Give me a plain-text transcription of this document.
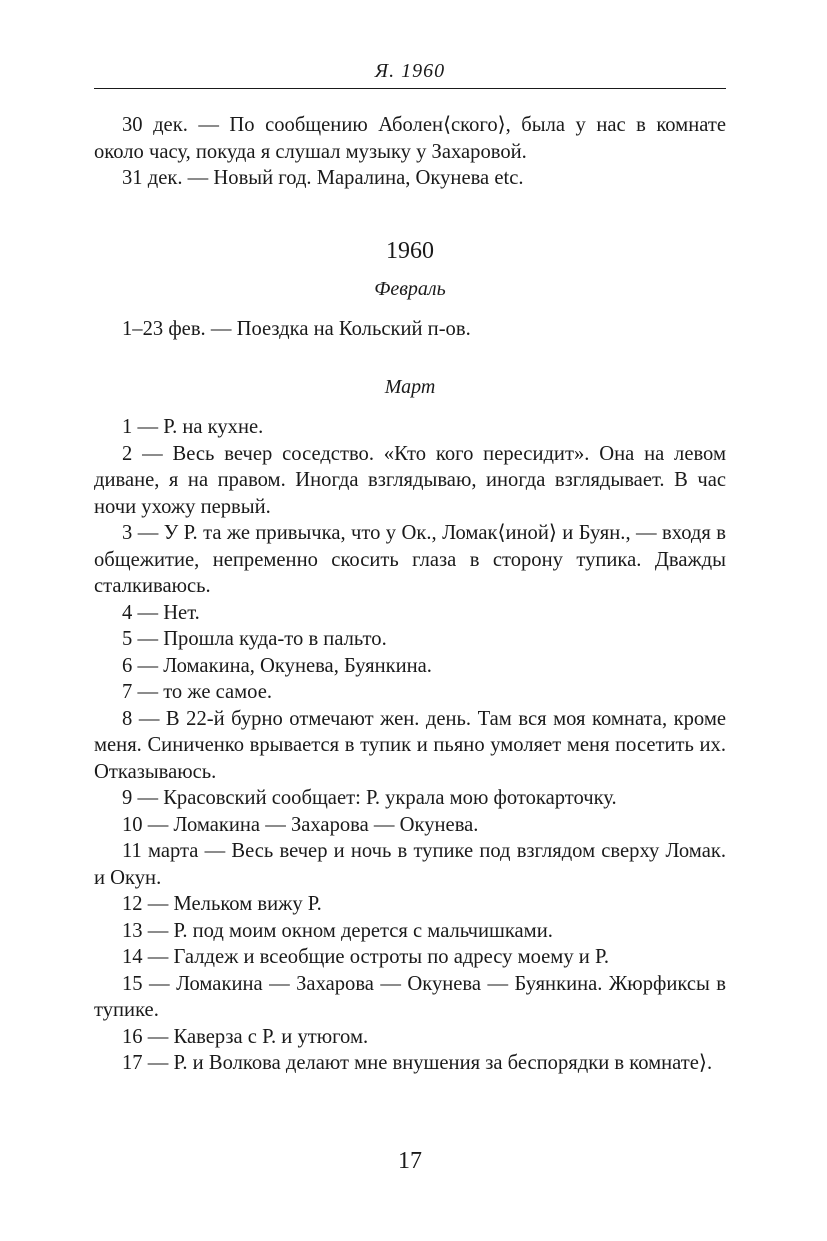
Я. 1960

30 дек. — По сообщению Аболен⟨ского⟩, была у нас в комнате около часу, покуда я слушал музыку у Захаровой.

31 дек. — Новый год. Маралина, Окунева etc.

1960
Февраль

1–23 фев. — Поездка на Кольский п-ов.

Март

1 — Р. на кухне.

2 — Весь вечер соседство. «Кто кого пересидит». Она на левом диване, я на правом. Иногда взглядываю, иногда взглядывает. В час ночи ухожу первый.

3 — У Р. та же привычка, что у Ок., Ломак⟨иной⟩ и Буян., — входя в общежитие, непременно скосить глаза в сторону тупика. Дважды сталкиваюсь.

4 — Нет.

5 — Прошла куда-то в пальто.

6 — Ломакина, Окунева, Буянкина.

7 — то же самое.

8 — В 22-й бурно отмечают жен. день. Там вся моя комната, кроме меня. Синиченко врывается в тупик и пьяно умоляет меня посетить их. Отказываюсь.

9 — Красовский сообщает: Р. украла мою фотокарточку.

10 — Ломакина — Захарова — Окунева.

11 марта — Весь вечер и ночь в тупике под взглядом сверху Ломак. и Окун.

12 — Мельком вижу Р.

13 — Р. под моим окном дерется с мальчишками.

14 — Галдеж и всеобщие остроты по адресу моему и Р.

15 — Ломакина — Захарова — Окунева — Буянкина. Жюрфиксы в тупике.

16 — Каверза с Р. и утюгом.

17 — Р. и Волкова делают мне внушения за беспорядки в комнате⟩.

17
